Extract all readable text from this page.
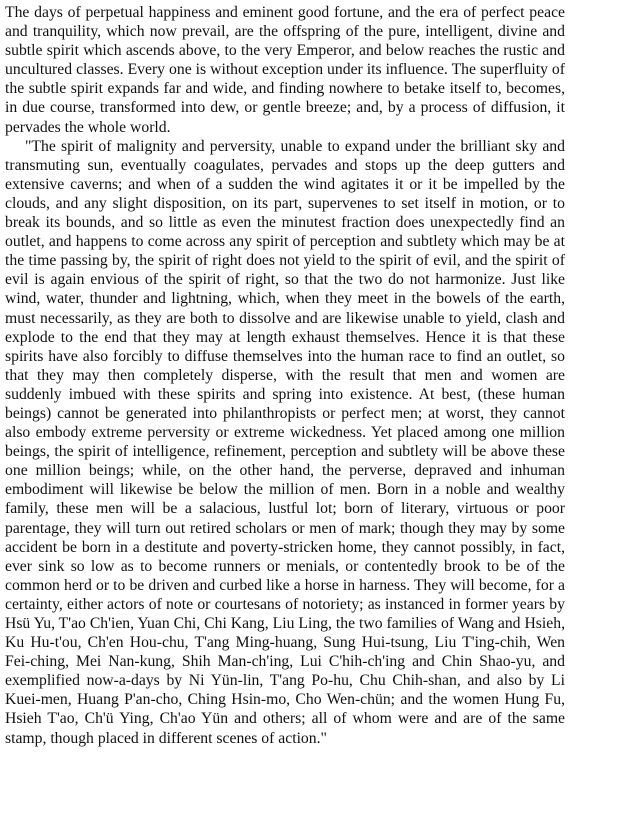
The days of perpetual happiness and eminent good fortune, and the era of perfect peace and tranquility, which now prevail, are the offspring of the pure, intelligent, divine and subtle spirit which ascends above, to the very Emperor, and below reaches the rustic and uncultured classes. Every one is without exception under its influence. The superfluity of the subtle spirit expands far and wide, and finding nowhere to betake itself to, becomes, in due course, transformed into dew, or gentle breeze; and, by a process of diffusion, it pervades the whole world.

"The spirit of malignity and perversity, unable to expand under the brilliant sky and transmuting sun, eventually coagulates, pervades and stops up the deep gutters and extensive caverns; and when of a sudden the wind agitates it or it be impelled by the clouds, and any slight disposition, on its part, supervenes to set itself in motion, or to break its bounds, and so little as even the minutest fraction does unexpectedly find an outlet, and happens to come across any spirit of perception and subtlety which may be at the time passing by, the spirit of right does not yield to the spirit of evil, and the spirit of evil is again envious of the spirit of right, so that the two do not harmonize. Just like wind, water, thunder and lightning, which, when they meet in the bowels of the earth, must necessarily, as they are both to dissolve and are likewise unable to yield, clash and explode to the end that they may at length exhaust themselves. Hence it is that these spirits have also forcibly to diffuse themselves into the human race to find an outlet, so that they may then completely disperse, with the result that men and women are suddenly imbued with these spirits and spring into existence. At best, (these human beings) cannot be generated into philanthropists or perfect men; at worst, they cannot also embody extreme perversity or extreme wickedness. Yet placed among one million beings, the spirit of intelligence, refinement, perception and subtlety will be above these one million beings; while, on the other hand, the perverse, depraved and inhuman embodiment will likewise be below the million of men. Born in a noble and wealthy family, these men will be a salacious, lustful lot; born of literary, virtuous or poor parentage, they will turn out retired scholars or men of mark; though they may by some accident be born in a destitute and poverty-stricken home, they cannot possibly, in fact, ever sink so low as to become runners or menials, or contentedly brook to be of the common herd or to be driven and curbed like a horse in harness. They will become, for a certainty, either actors of note or courtesans of notoriety; as instanced in former years by Hsü Yu, T'ao Ch'ien, Yuan Chi, Chi Kang, Liu Ling, the two families of Wang and Hsieh, Ku Hu-t'ou, Ch'en Hou-chu, T'ang Ming-huang, Sung Hui-tsung, Liu T'ing-chih, Wen Fei-ching, Mei Nan-kung, Shih Man-ch'ing, Lui C'hih-ch'ing and Chin Shao-yu, and exemplified now-a-days by Ni Yün-lin, T'ang Po-hu, Chu Chih-shan, and also by Li Kuei-men, Huang P'an-cho, Ching Hsin-mo, Cho Wen-chün; and the women Hung Fu, Hsieh T'ao, Ch'ü Ying, Ch'ao Yün and others; all of whom were and are of the same stamp, though placed in different scenes of action."
